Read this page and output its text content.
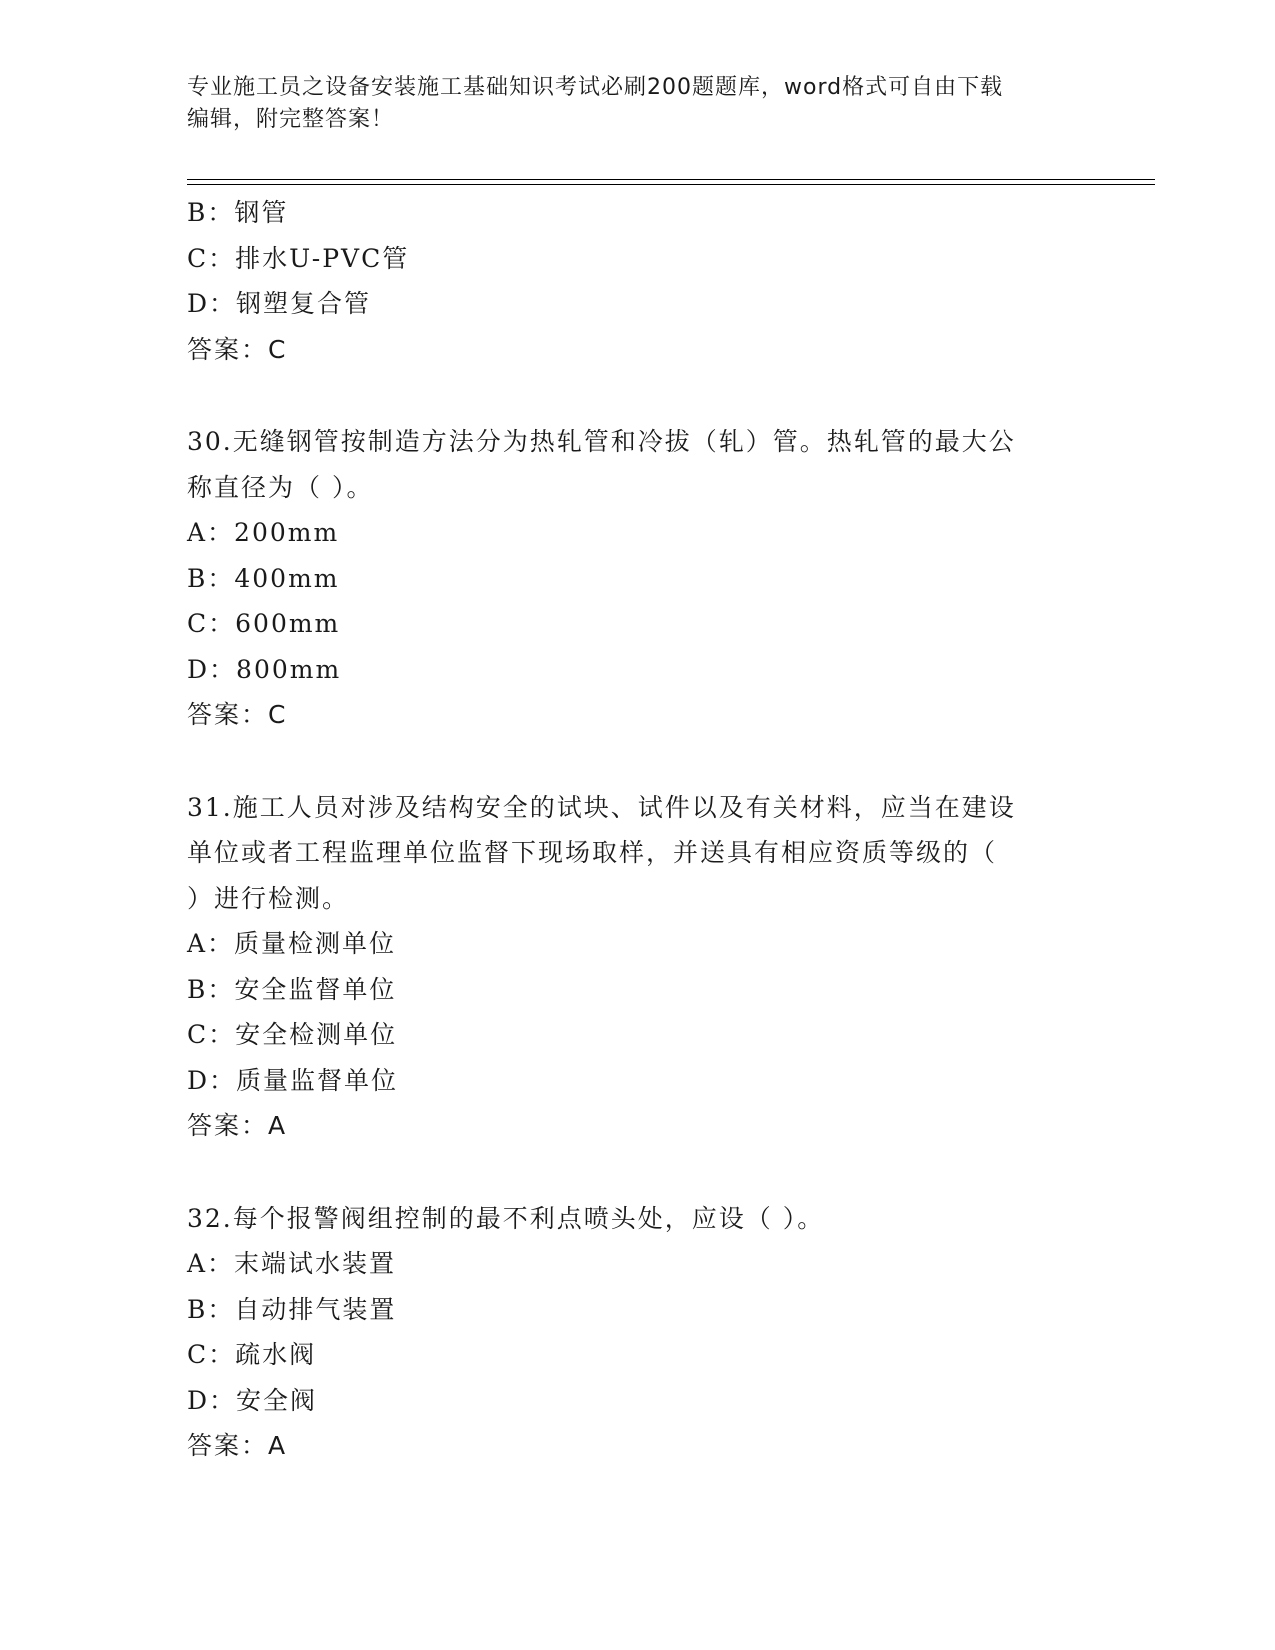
专业施工员之设备安装施工基础知识考试必刷200题题库，word格式可自由下载
编辑，附完整答案！
B：钢管
C：排水U-PVC管
D：钢塑复合管
答案：C
30.无缝钢管按制造方法分为热轧管和冷拔（轧）管。热轧管的最大公
称直径为（ ）。
A：200mm
B：400mm
C：600mm
D：800mm
答案：C
31.施工人员对涉及结构安全的试块、试件以及有关材料，应当在建设
单位或者工程监理单位监督下现场取样，并送具有相应资质等级的（
）进行检测。
A：质量检测单位
B：安全监督单位
C：安全检测单位
D：质量监督单位
答案：A
32.每个报警阀组控制的最不利点喷头处，应设（ ）。
A：末端试水装置
B：自动排气装置
C：疏水阀
D：安全阀
答案：A
